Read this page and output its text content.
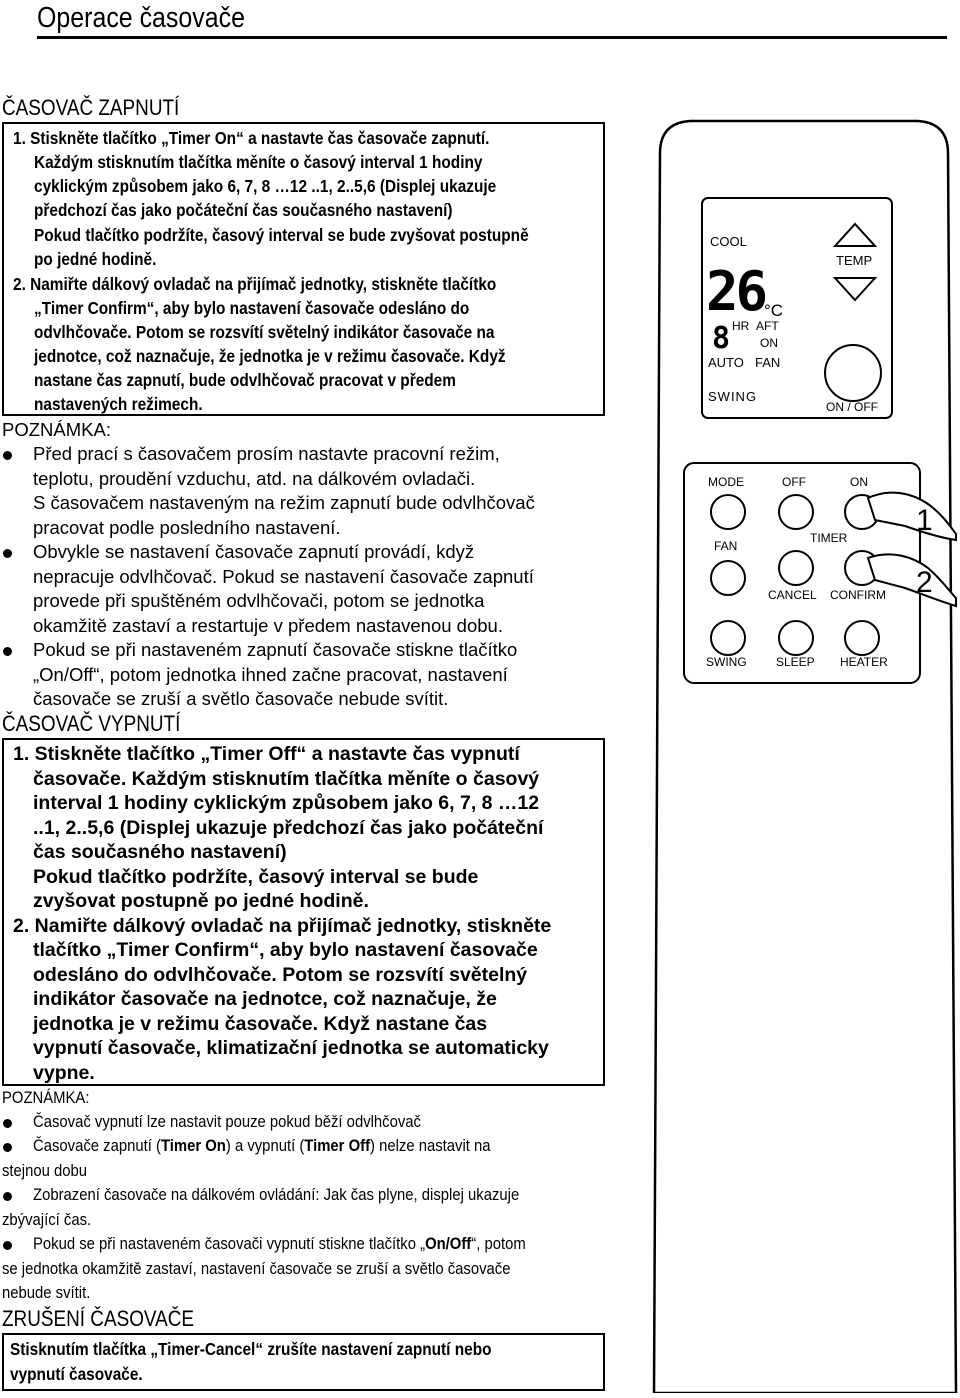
Operace časovače
ČASOVAČ ZAPNUTÍ
1. Stiskněte tlačítko „Timer On“ a nastavte čas časovače zapnutí.
Každým stisknutím tlačítka měníte o časový interval 1 hodiny
cyklickým způsobem jako 6, 7, 8 …12 ..1, 2..5,6 (Displej ukazuje
předchozí čas jako počáteční čas současného nastavení)
Pokud tlačítko podržíte, časový interval se bude zvyšovat postupně
po jedné hodině.
2. Namiřte dálkový ovladač na přijímač jednotky, stiskněte tlačítko
„Timer Confirm“, aby bylo nastavení časovače odesláno do
odvlhčovače. Potom se rozsvítí světelný indikátor časovače na
jednotce, což naznačuje, že jednotka je v režimu časovače. Když
nastane čas zapnutí, bude odvlhčovač pracovat v předem
nastavených režimech.
POZNÁMKA:
Před prací s časovačem prosím nastavte pracovní režim,
teplotu, proudění vzduchu, atd. na dálkovém ovladači.
S časovačem nastaveným na režim zapnutí bude odvlhčovač
pracovat podle posledního nastavení.
Obvykle se nastavení časovače zapnutí provádí, když
nepracuje odvlhčovač. Pokud se nastavení časovače zapnutí
provede při spuštěném odvlhčovači, potom se jednotka
okamžitě zastaví a restartuje v předem nastavenou dobu.
Pokud se při nastaveném zapnutí časovače stiskne tlačítko
„On/Off“, potom jednotka ihned začne pracovat, nastavení
časovače se zruší a světlo časovače nebude svítit.
ČASOVAČ VYPNUTÍ
1. Stiskněte tlačítko „Timer Off“ a nastavte čas vypnutí
časovače. Každým stisknutím tlačítka měníte o časový
interval 1 hodiny cyklickým způsobem jako 6, 7, 8 …12
..1, 2..5,6 (Displej ukazuje předchozí čas jako počáteční
čas současného nastavení)
Pokud tlačítko podržíte, časový interval se bude
zvyšovat postupně po jedné hodině.
2. Namiřte dálkový ovladač na přijímač jednotky, stiskněte
tlačítko „Timer Confirm“, aby bylo nastavení časovače
odesláno do odvlhčovače. Potom se rozsvítí světelný
indikátor časovače na jednotce, což naznačuje, že
jednotka je v režimu časovače. Když nastane čas
vypnutí časovače, klimatizační jednotka se automaticky
vypne.
POZNÁMKA:
Časovač vypnutí lze nastavit pouze pokud běží odvlhčovač
Časovače zapnutí (Timer On) a vypnutí (Timer Off) nelze nastavit na
stejnou dobu
Zobrazení časovače na dálkovém ovládání: Jak čas plyne, displej ukazuje
zbývající čas.
Pokud se při nastaveném časovači vypnutí stiskne tlačítko „On/Off“, potom
se jednotka okamžitě zastaví, nastavení časovače se zruší a světlo časovače
nebude svítit.
ZRUŠENÍ ČASOVAČE
Stisknutím tlačítka „Timer-Cancel“ zrušíte nastavení zapnutí nebo
vypnutí časovače.
COOL
26
°C
8 HR AFT
ON
AUTO FAN
SWING
TEMP
ON / OFF
MODE	OFF	ON
FAN
TIMER
CANCEL CONFIRM
SWING SLEEP HEATER
1
2
